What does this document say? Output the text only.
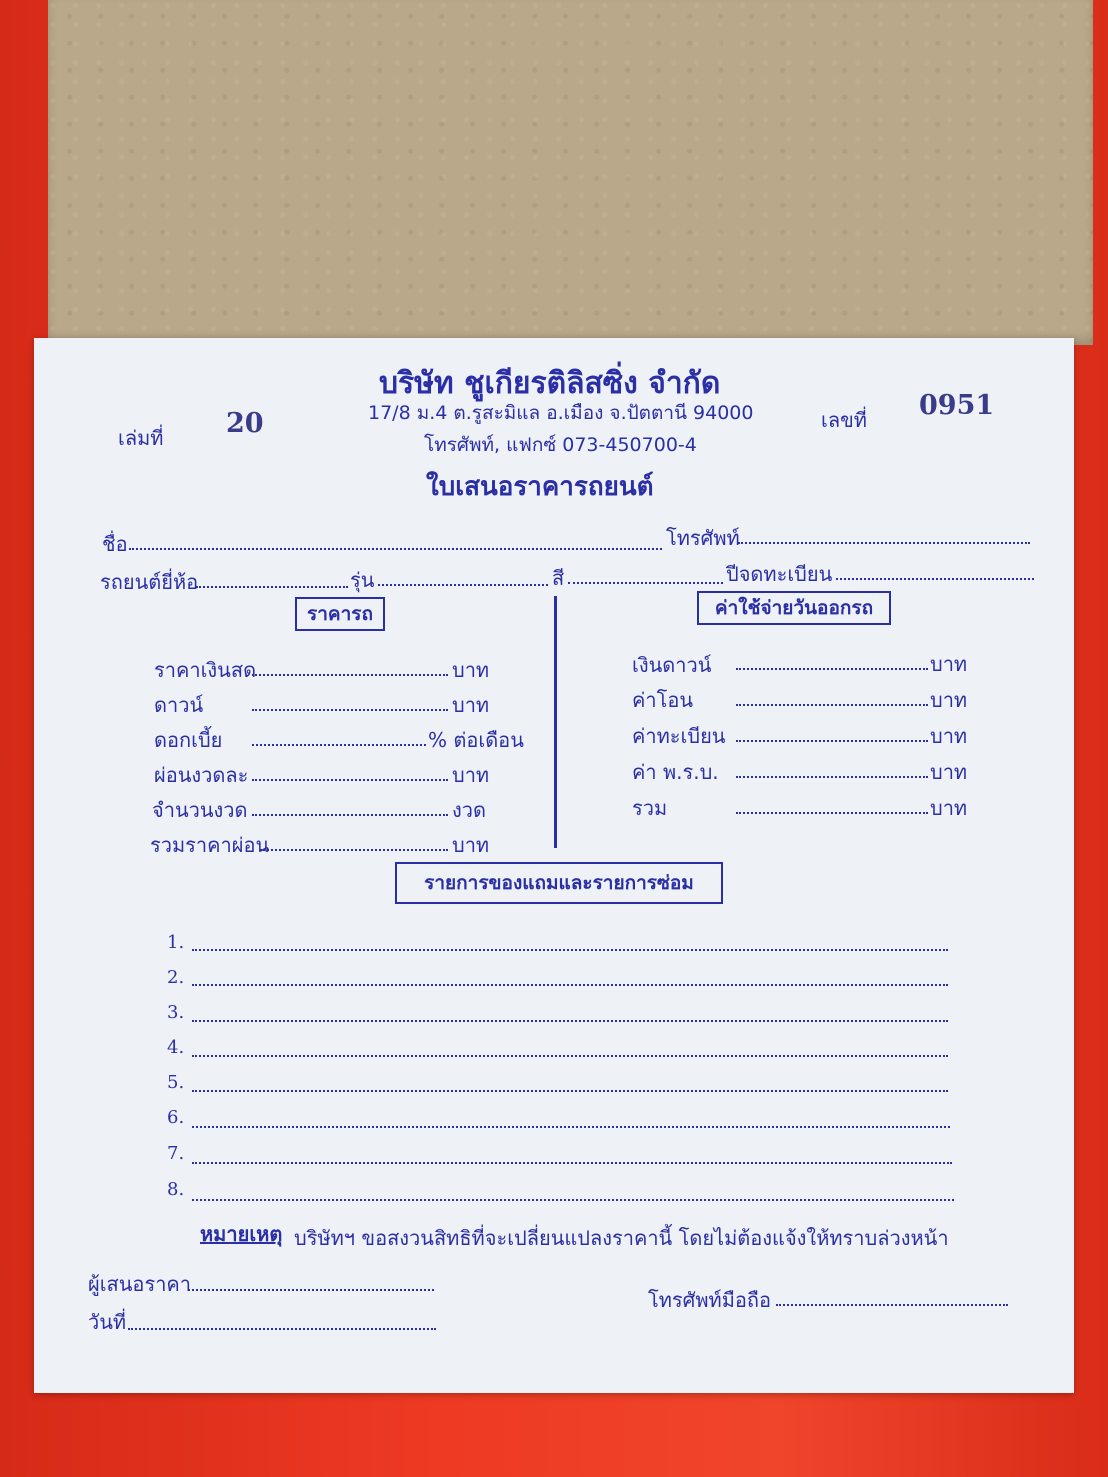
บริษัท ชูเกียรติลิสซิ่ง จำกัด
17/8 ม.4 ต.รูสะมิแล อ.เมือง จ.ปัตตานี 94000
โทรศัพท์, แฟกซ์ 073-450700-4
เล่มที่ 20	เลขที่ 0951
ใบเสนอราคารถยนต์
ชื่อ	โทรศัพท์
รถยนต์ยี่ห้อ	รุ่น	สี	ปีจดทะเบียน
ราคารถ	ค่าใช้จ่ายวันออกรถ
ราคาเงินสด	บาท
ดาวน์	บาท
ดอกเบี้ย	% ต่อเดือน
ผ่อนงวดละ	บาท
จำนวนงวด	งวด
รวมราคาผ่อน	บาท
เงินดาวน์	บาท
ค่าโอน	บาท
ค่าทะเบียน	บาท
ค่า พ.ร.บ.	บาท
รวม	บาท
รายการของแถมและรายการซ่อม
1.
2.
3.
4.
5.
6.
7.
8.
หมายเหตุ บริษัทฯ ขอสงวนสิทธิที่จะเปลี่ยนแปลงราคานี้ โดยไม่ต้องแจ้งให้ทราบล่วงหน้า
ผู้เสนอราคา
วันที่
โทรศัพท์มือถือ
